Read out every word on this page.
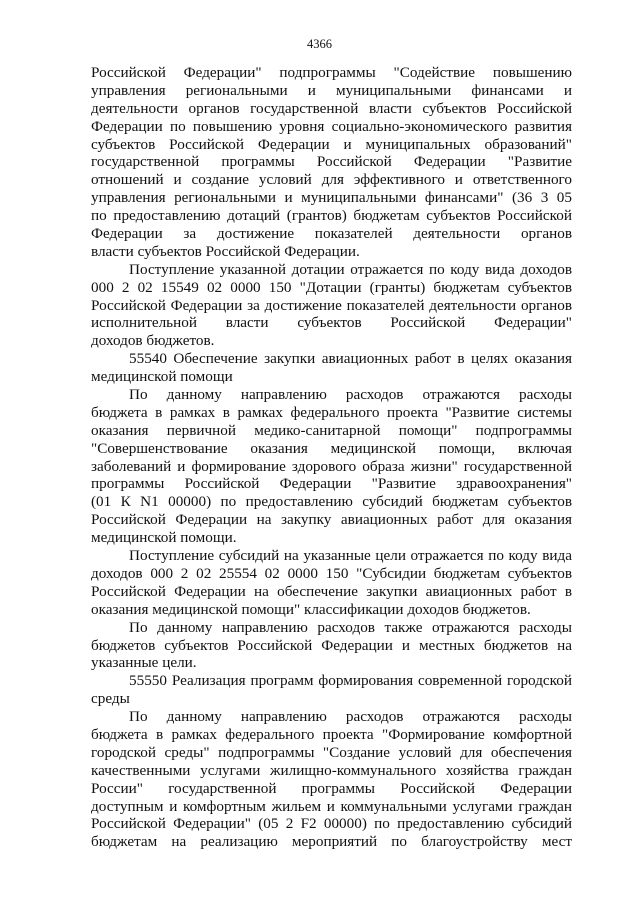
4366
Российской Федерации" подпрограммы "Содействие повышению
управления региональными и муниципальными финансами и
деятельности органов государственной власти субъектов Российской
Федерации по повышению уровня социально-экономического развития
субъектов Российской Федерации и муниципальных образований"
государственной программы Российской Федерации "Развитие
отношений и создание условий для эффективного и ответственного
управления региональными и муниципальными финансами" (36 3 05
по предоставлению дотаций (грантов) бюджетам субъектов Российской
Федерации за достижение показателей деятельности органов
власти субъектов Российской Федерации.
Поступление указанной дотации отражается по коду вида доходов
000 2 02 15549 02 0000 150 "Дотации (гранты) бюджетам субъектов
Российской Федерации за достижение показателей деятельности органов
исполнительной власти субъектов Российской Федерации"
доходов бюджетов.
55540 Обеспечение закупки авиационных работ в целях оказания
медицинской помощи
По данному направлению расходов отражаются расходы
бюджета в рамках в рамках федерального проекта "Развитие системы
оказания первичной медико-санитарной помощи" подпрограммы
"Совершенствование оказания медицинской помощи, включая
заболеваний и формирование здорового образа жизни" государственной
программы Российской Федерации "Развитие здравоохранения"
(01 К N1 00000) по предоставлению субсидий бюджетам субъектов
Российской Федерации на закупку авиационных работ для оказания
медицинской помощи.
Поступление субсидий на указанные цели отражается по коду вида
доходов 000 2 02 25554 02 0000 150 "Субсидии бюджетам субъектов
Российской Федерации на обеспечение закупки авиационных работ в
оказания медицинской помощи" классификации доходов бюджетов.
По данному направлению расходов также отражаются расходы
бюджетов субъектов Российской Федерации и местных бюджетов на
указанные цели.
55550 Реализация программ формирования современной городской
среды
По данному направлению расходов отражаются расходы
бюджета в рамках федерального проекта "Формирование комфортной
городской среды" подпрограммы "Создание условий для обеспечения
качественными услугами жилищно-коммунального хозяйства граждан
России" государственной программы Российской Федерации
доступным и комфортным жильем и коммунальными услугами граждан
Российской Федерации" (05 2 F2 00000) по предоставлению субсидий
бюджетам на реализацию мероприятий по благоустройству мест
